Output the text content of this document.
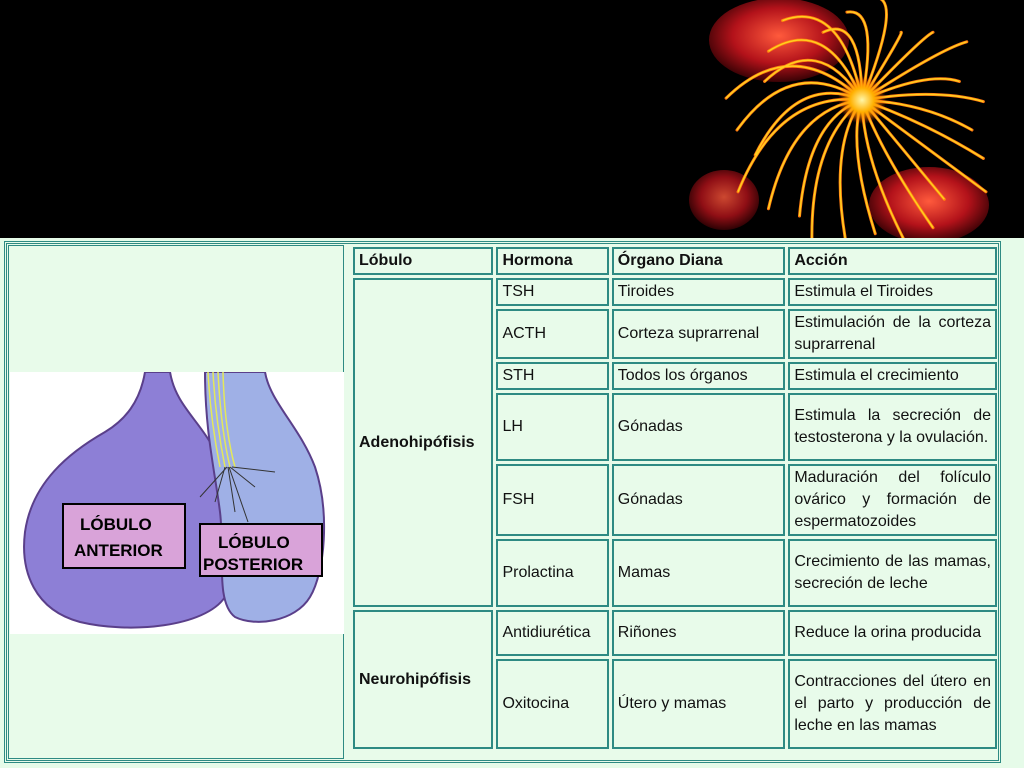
LÓBULO
ANTERIOR	LÓBULO
POSTERIOR
Lóbulo	Hormona	Órgano Diana	Acción
Adenohipófisis	TSH	Tiroides	Estimula el Tiroides
	ACTH	Corteza suprarrenal	Estimulación de la corteza suprarrenal
	STH	Todos los órganos	Estimula el crecimiento
	LH	Gónadas	Estimula la secreción de testosterona y la ovulación.
	FSH	Gónadas	Maduración del folículo ovárico y formación de espermatozoides
	Prolactina	Mamas	Crecimiento de las mamas, secreción de leche
Neurohipófisis	Antidiurética	Riñones	Reduce la orina producida
	Oxitocina	Útero y mamas	Contracciones del útero en el parto y producción de leche en las mamas
